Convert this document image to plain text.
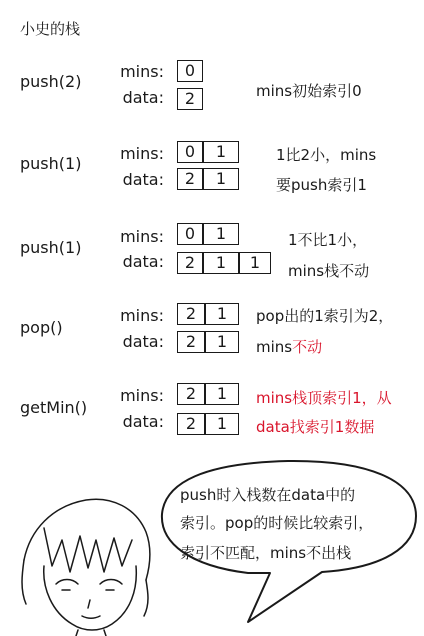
小史的栈
push(2)
mins:
data:
0
2	mins初始索引0
push(1)
mins:
data:
0	1
2	1
1比2小，mins
要push索引1
push(1)
mins:
data:
0	1
2	1	1
1不比1小，
mins栈不动
pop()
mins:
data:
2	1
2	1
pop出的1索引为2，
mins不动
getMin()
mins:
data:
2	1
2	1
mins栈顶索引1，从
data找索引1数据
push时入栈数在data中的
索引。pop的时候比较索引，
索引不匹配，mins不出栈
